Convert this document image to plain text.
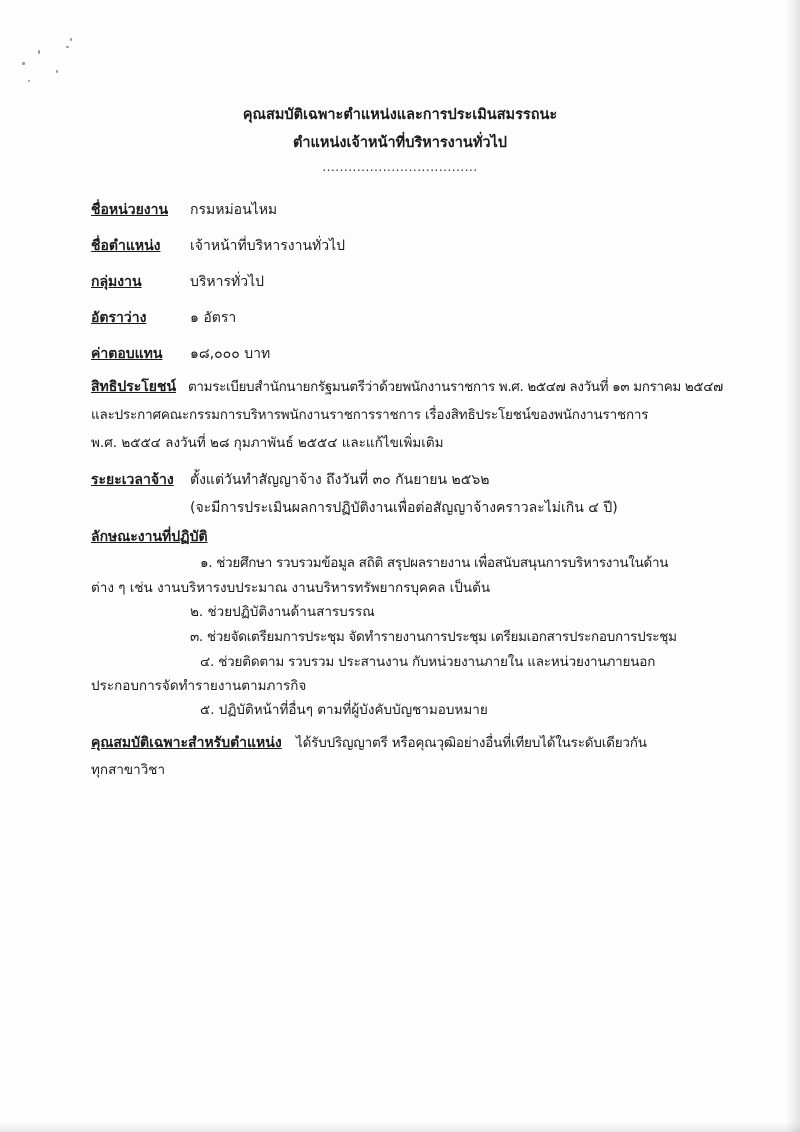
คุณสมบัติเฉพาะตำแหน่งและการประเมินสมรรถนะ
ตำแหน่งเจ้าหน้าที่บริหารงานทั่วไป
....................................
ชื่อหน่วยงาน กรมหม่อนไหม
ชื่อตำแหน่ง เจ้าหน้าที่บริหารงานทั่วไป
กลุ่มงาน	บริหารทั่วไป
อัตราว่าง	๑ อัตรา
ค่าตอบแทน ๑๘,๐๐๐ บาท
สิทธิประโยชน์ ตามระเบียบสำนักนายกรัฐมนตรีว่าด้วยพนักงานราชการ พ.ศ. ๒๕๔๗ ลงวันที่ ๑๓ มกราคม ๒๕๔๗
และประกาศคณะกรรมการบริหารพนักงานราชการราชการ เรื่องสิทธิประโยชน์ของพนักงานราชการ
พ.ศ. ๒๕๕๔ ลงวันที่ ๒๘ กุมภาพันธ์ ๒๕๕๔ และแก้ไขเพิ่มเติม
ระยะเวลาจ้าง ตั้งแต่วันทำสัญญาจ้าง ถึงวันที่ ๓๐ กันยายน ๒๕๖๒
(จะมีการประเมินผลการปฏิบัติงานเพื่อต่อสัญญาจ้างคราวละไม่เกิน ๔ ปี)
ลักษณะงานที่ปฏิบัติ
๑. ช่วยศึกษา รวบรวมข้อมูล สถิติ สรุปผลรายงาน เพื่อสนับสนุนการบริหารงานในด้าน
ต่าง ๆ เช่น งานบริหารงบประมาณ งานบริหารทรัพยากรบุคคล เป็นต้น
๒. ช่วยปฏิบัติงานด้านสารบรรณ
๓. ช่วยจัดเตรียมการประชุม จัดทำรายงานการประชุม เตรียมเอกสารประกอบการประชุม
๔. ช่วยติดตาม รวบรวม ประสานงาน กับหน่วยงานภายใน และหน่วยงานภายนอก
ประกอบการจัดทำรายงานตามภารกิจ
๕. ปฏิบัติหน้าที่อื่นๆ ตามที่ผู้บังคับบัญชามอบหมาย
คุณสมบัติเฉพาะสำหรับตำแหน่ง ได้รับปริญญาตรี หรือคุณวุฒิอย่างอื่นที่เทียบได้ในระดับเดียวกัน
ทุกสาขาวิชา
